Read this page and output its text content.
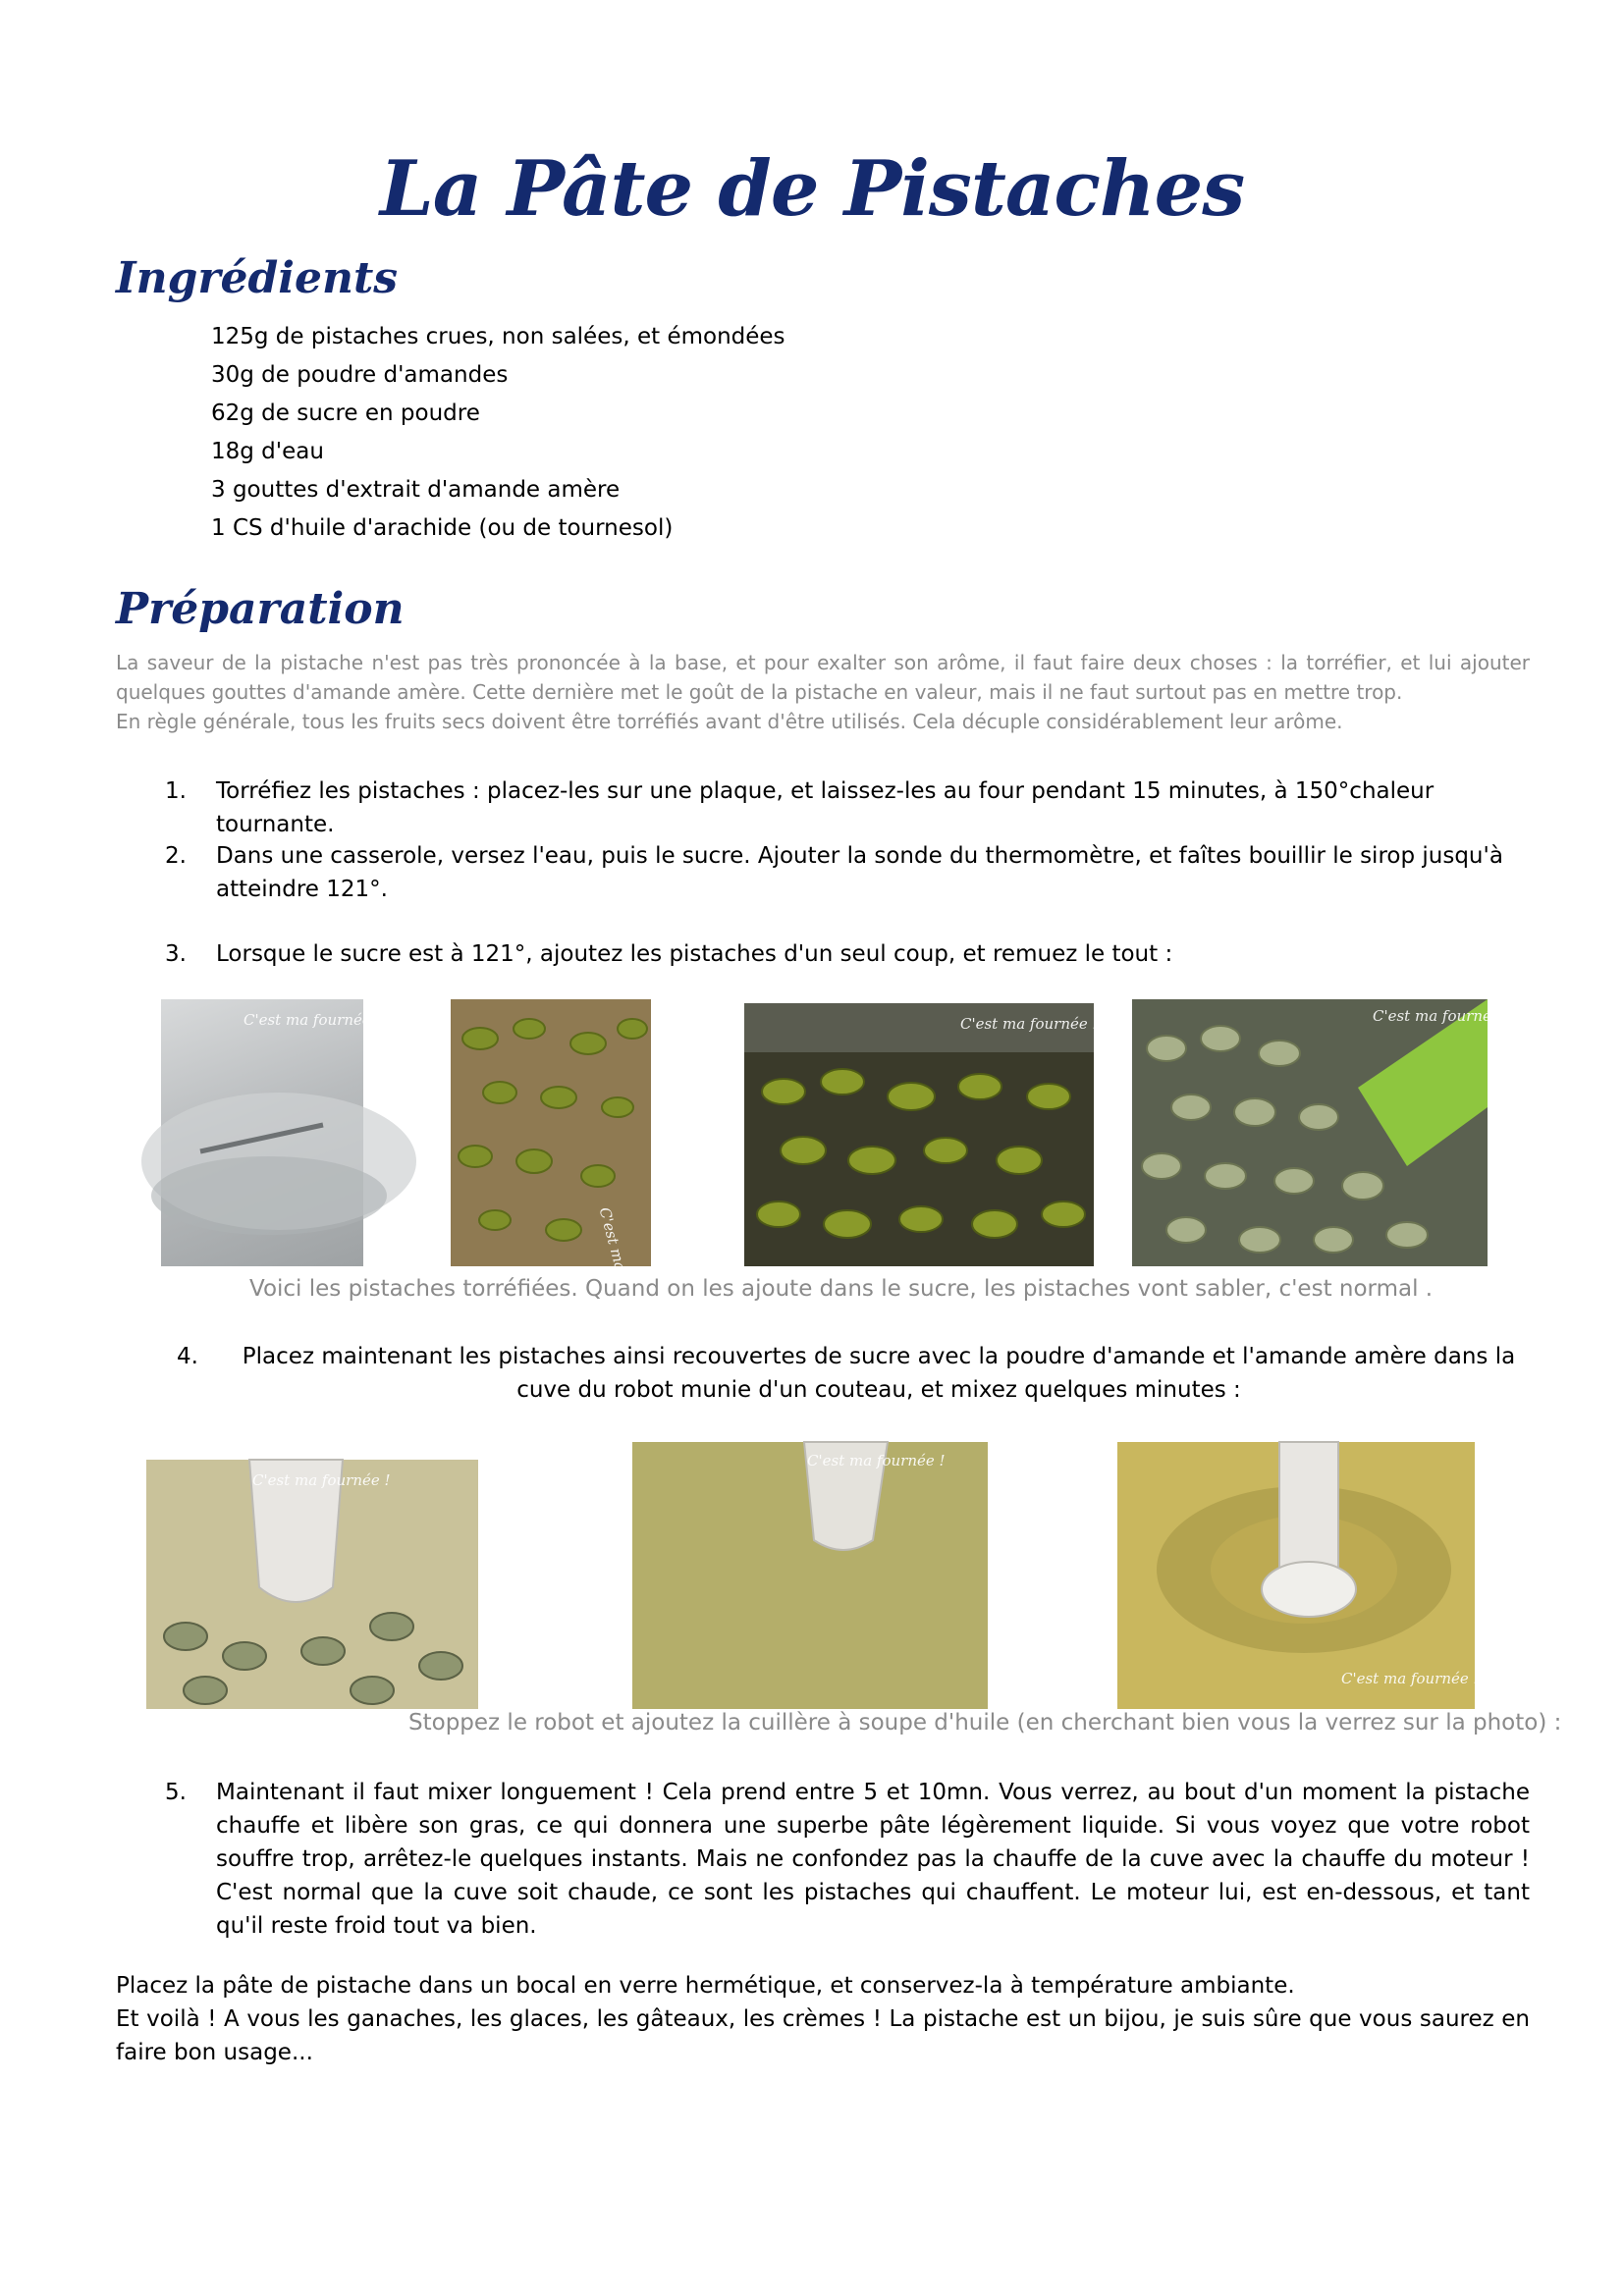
La Pâte de Pistaches
Ingrédients
125g de pistaches crues, non salées, et émondées
30g de poudre d'amandes
62g de sucre en poudre
18g d'eau
3 gouttes d'extrait d'amande amère
1 CS d'huile d'arachide (ou de tournesol)
Préparation

La saveur de la pistache n'est pas très prononcée à la base, et pour exalter son arôme, il faut faire deux choses : la torréfier, et lui ajouter quelques gouttes d'amande amère. Cette dernière met le goût de la pistache en valeur, mais il ne faut surtout pas en mettre trop.

En règle générale, tous les fruits secs doivent être torréfiés avant d'être utilisés. Cela décuple considérablement leur arôme.

1. Torréfiez les pistaches : placez-les sur une plaque, et laissez-les au four pendant 15 minutes, à 150°chaleur tournante.
2. Dans une casserole, versez l'eau, puis le sucre. Ajouter la sonde du thermomètre, et faîtes bouillir le sirop jusqu'à atteindre 121°.
3. Lorsque le sucre est à 121°, ajoutez les pistaches d'un seul coup, et remuez le tout :
C'est ma fournée !
C'est ma fournée !
C'est ma fournée !	C'est ma fournée !
Voici les pistaches torréfiées. Quand on les ajoute dans le sucre, les pistaches vont sabler, c'est normal .
4.	Placez maintenant les pistaches ainsi recouvertes de sucre avec la poudre d'amande et l'amande amère dans la cuve du robot munie d'un couteau, et mixez quelques minutes :
C'est ma fournée !
C'est ma fournée !
C'est ma fournée !
Stoppez le robot et ajoutez la cuillère à soupe d'huile (en cherchant bien vous la verrez sur la photo) :
5. Maintenant il faut mixer longuement ! Cela prend entre 5 et 10mn. Vous verrez, au bout d'un moment la pistache chauffe et libère son gras, ce qui donnera une superbe pâte légèrement liquide. Si vous voyez que votre robot souffre trop, arrêtez-le quelques instants. Mais ne confondez pas la chauffe de la cuve avec la chauffe du moteur ! C'est normal que la cuve soit chaude, ce sont les pistaches qui chauffent. Le moteur lui, est en-dessous, et tant qu'il reste froid tout va bien.

Placez la pâte de pistache dans un bocal en verre hermétique, et conservez-la à température ambiante.

Et voilà ! A vous les ganaches, les glaces, les gâteaux, les crèmes ! La pistache est un bijou, je suis sûre que vous saurez en faire bon usage...
